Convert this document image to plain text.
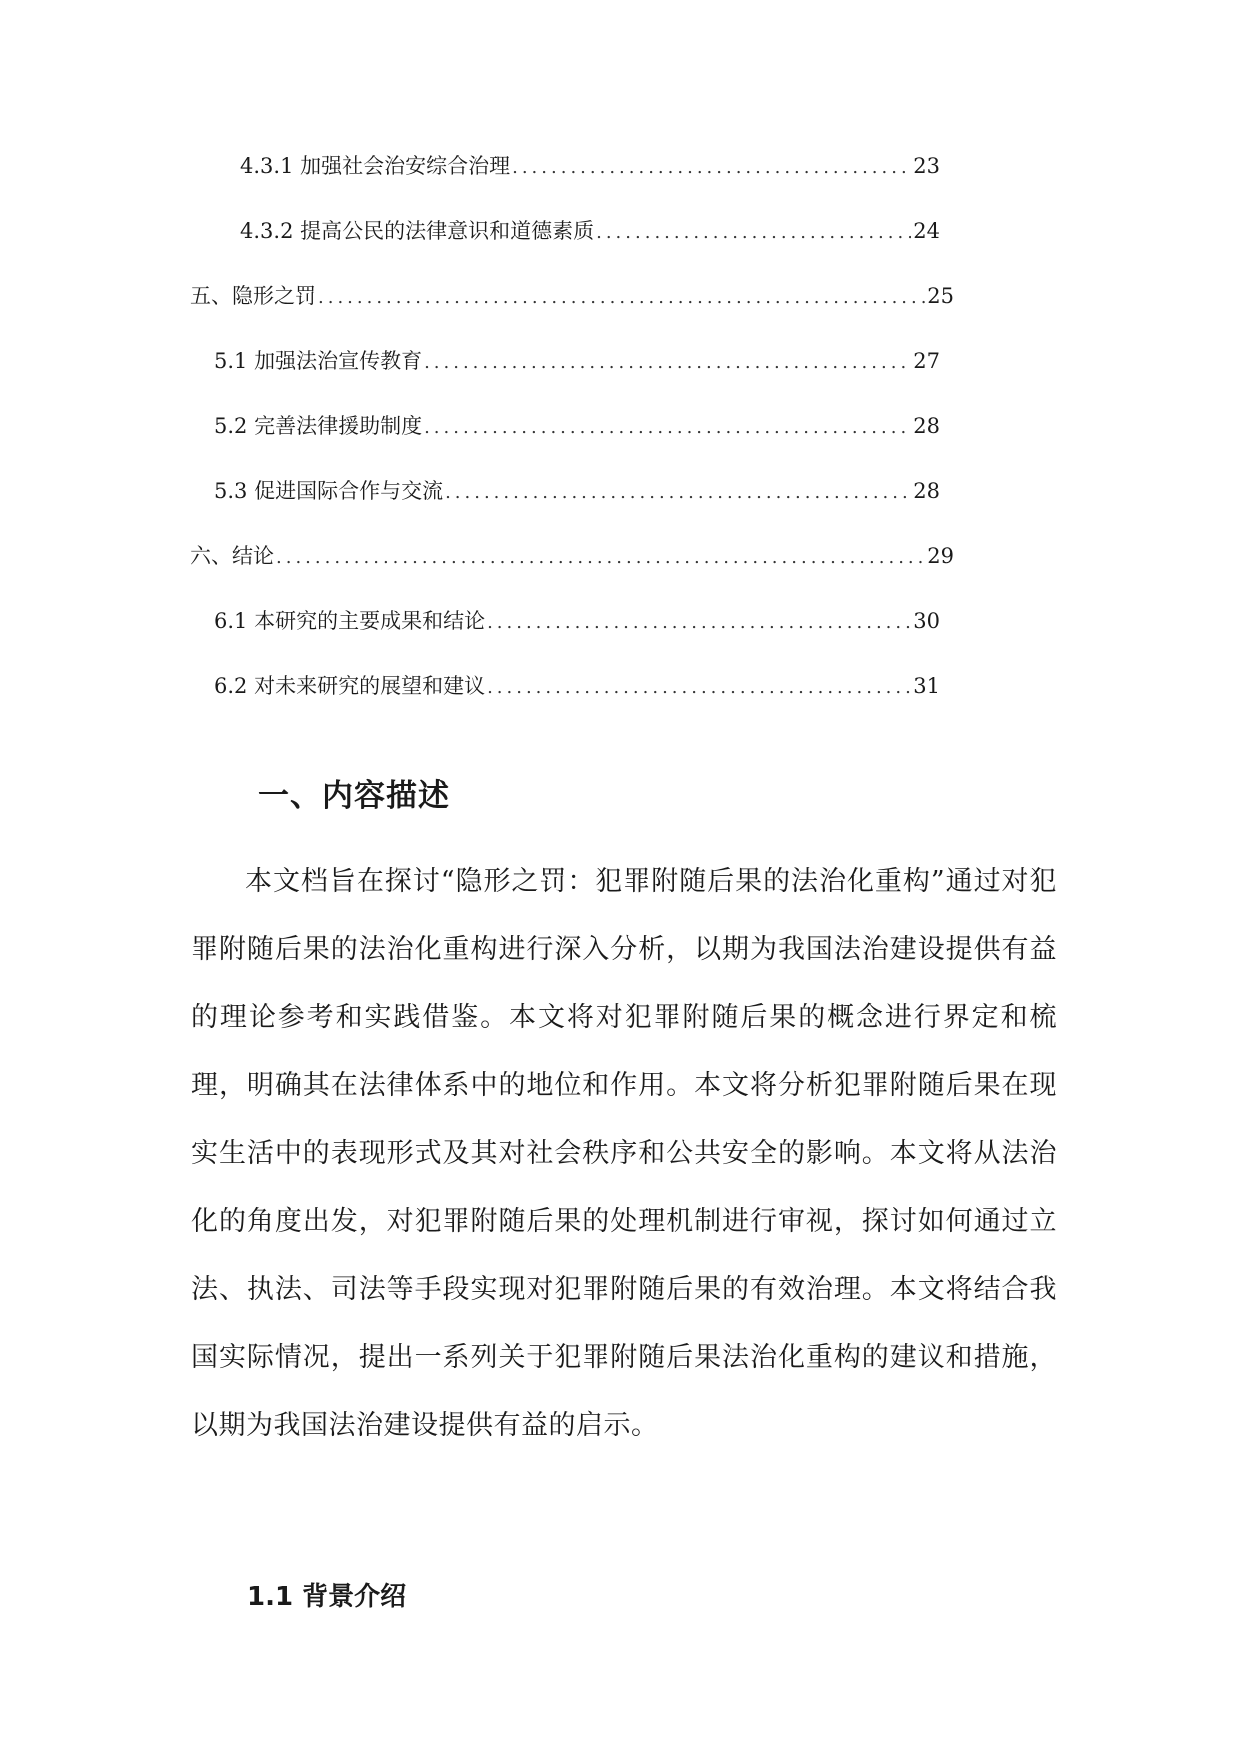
4.3.1 加强社会治安综合治理 .....	23
4.3.2 提高公民的法律意识和道德素质 .....	24
五、隐形之罚 .....	25
5.1 加强法治宣传教育 .....	27
5.2 完善法律援助制度 .....	28
5.3 促进国际合作与交流 .....	28
六、结论 .....	29
6.1 本研究的主要成果和结论 .....	30
6.2 对未来研究的展望和建议 .....	31
一、内容描述

本文档旨在探讨“隐形之罚：犯罪附随后果的法治化重构”通过对犯罪附随后果的法治化重构进行深入分析，以期为我国法治建设提供有益的理论参考和实践借鉴。本文将对犯罪附随后果的概念进行界定和梳理，明确其在法律体系中的地位和作用。本文将分析犯罪附随后果在现实生活中的表现形式及其对社会秩序和公共安全的影响。本文将从法治化的角度出发，对犯罪附随后果的处理机制进行审视，探讨如何通过立法、执法、司法等手段实现对犯罪附随后果的有效治理。本文将结合我国实际情况，提出一系列关于犯罪附随后果法治化重构的建议和措施，以期为我国法治建设提供有益的启示。

1.1 背景介绍
